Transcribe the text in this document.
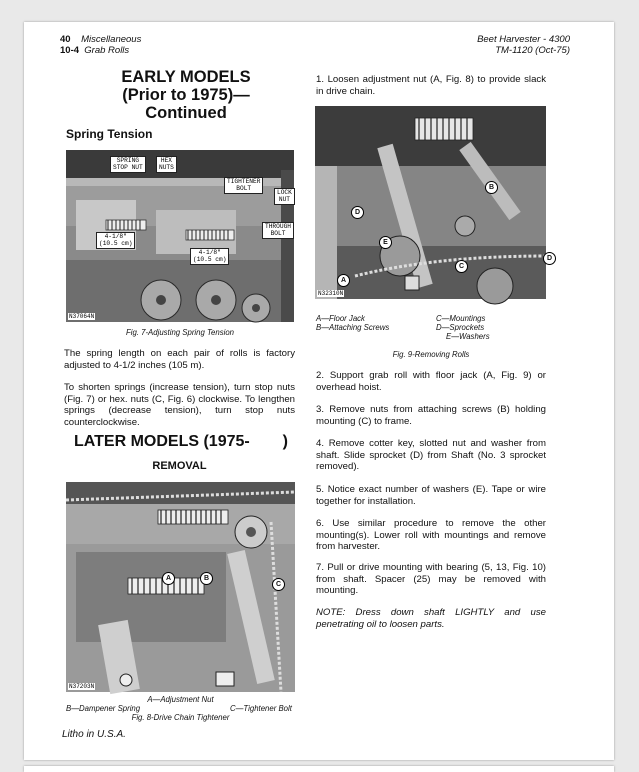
40 Miscellaneous
10-4 Grab Rolls
Beet Harvester - 4300
TM-1120 (Oct-75)
EARLY MODELS
(Prior to 1975)—
Continued
Spring Tension
SPRING
STOP NUT
HEX
NUTS
TIGHTENER
BOLT
LOCK
NUT
THROUGH
BOLT
4-1/8"
(10.5 cm)
4-1/8"
(10.5 cm)
N37064N
Fig. 7-Adjusting Spring Tension
The spring length on each pair of rolls is factory adjusted to 4-1/2 inches (105 m).
To shorten springs (increase tension), turn stop nuts (Fig. 7) or hex. nuts (C, Fig. 6) clockwise. To lengthen springs (decrease tension), turn stop nuts counterclockwise.
LATER MODELS (1975- )
REMOVAL
A	B
C
N37203N
A—Adjustment Nut
B—Dampener Spring	C—Tightener Bolt
Fig. 8-Drive Chain Tightener
Litho in U.S.A.
1. Loosen adjustment nut (A, Fig. 8) to provide slack in drive chain.
B
D
E
C
D
A
N32310N
A—Floor Jack
B—Attaching Screws
C—Mountings
D—Sprockets
E—Washers
Fig. 9-Removing Rolls
2. Support grab roll with floor jack (A, Fig. 9) or overhead hoist.
3. Remove nuts from attaching screws (B) holding mounting (C) to frame.
4. Remove cotter key, slotted nut and washer from shaft. Slide sprocket (D) from Shaft (No. 3 sprocket removed).
5. Notice exact number of washers (E). Tape or wire together for installation.
6. Use similar procedure to remove the other mounting(s). Lower roll with mountings and remove from harvester.
7. Pull or drive mounting with bearing (5, 13, Fig. 10) from shaft. Spacer (25) may be removed with mounting.
NOTE: Dress down shaft LIGHTLY and use penetrating oil to loosen parts.
